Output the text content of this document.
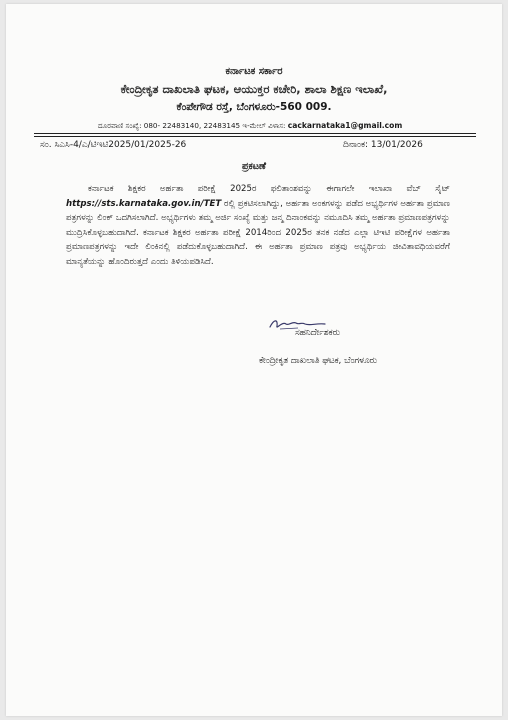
ಕರ್ನಾಟಕ ಸರ್ಕಾರ
ಕೇಂದ್ರೀಕೃತ ದಾಖಲಾತಿ ಘಟಕ, ಆಯುಕ್ತರ ಕಚೇರಿ, ಶಾಲಾ ಶಿಕ್ಷಣ ಇಲಾಖೆ,
ಕೆಂಪೇಗೌಡ ರಸ್ತೆ, ಬೆಂಗಳೂರು-560 009.
ದೂರವಾಣಿ ಸಂಖ್ಯೆ: 080- 22483140, 22483145 ಇ-ಮೇಲ್ ವಿಳಾಸ: cackarnataka1@gmail.com
ಸಂ. ಸಿಎಸಿ-4/ಎ/ಟಿಇಟಿ2025/01/2025-26	ದಿನಾಂಕ: 13/01/2026
ಪ್ರಕಟಣೆ
ಕರ್ನಾಟಕ ಶಿಕ್ಷಕರ ಅರ್ಹತಾ ಪರೀಕ್ಷೆ 2025ರ ಫಲಿತಾಂಶವನ್ನು ಈಗಾಗಲೇ ಇಲಾಖಾ ವೆಬ್ ಸೈಟ್ https://sts.karnataka.gov.in/TET ರಲ್ಲಿ ಪ್ರಕಟಿಸಲಾಗಿದ್ದು, ಅರ್ಹತಾ ಅಂಕಗಳನ್ನು ಪಡೆದ ಅಭ್ಯರ್ಥಿಗಳ ಅರ್ಹತಾ ಪ್ರಮಾಣ ಪತ್ರಗಳನ್ನು ಲಿಂಕ್ ಒದಗಿಸಲಾಗಿದೆ. ಅಭ್ಯರ್ಥಿಗಳು ತಮ್ಮ ಅರ್ಜಿ ಸಂಖ್ಯೆ ಮತ್ತು ಜನ್ಮ ದಿನಾಂಕವನ್ನು ನಮೂದಿಸಿ ತಮ್ಮ ಅರ್ಹತಾ ಪ್ರಮಾಣಪತ್ರಗಳನ್ನು ಮುದ್ರಿಸಿಕೊಳ್ಳಬಹುದಾಗಿದೆ. ಕರ್ನಾಟಕ ಶಿಕ್ಷಕರ ಅರ್ಹತಾ ಪರೀಕ್ಷೆ 2014ರಿಂದ 2025ರ ತನಕ ನಡೆದ ಎಲ್ಲಾ ಟಿಇಟಿ ಪರೀಕ್ಷೆಗಳ ಅರ್ಹತಾ ಪ್ರಮಾಣಪತ್ರಗಳನ್ನು ಇದೇ ಲಿಂಕಿನಲ್ಲಿ ಪಡೆದುಕೊಳ್ಳಬಹುದಾಗಿದೆ. ಈ ಅರ್ಹತಾ ಪ್ರಮಾಣ ಪತ್ರವು ಅಭ್ಯರ್ಥಿಯ ಜೀವಿತಾವಧಿಯವರೆಗೆ ಮಾನ್ಯತೆಯನ್ನು ಹೊಂದಿರುತ್ತದೆ ಎಂದು ತಿಳಿಯಪಡಿಸಿದೆ.
ಸಹನಿರ್ದೇಶಕರು
ಕೇಂದ್ರೀಕೃತ ದಾಖಲಾತಿ ಘಟಕ, ಬೆಂಗಳೂರು
